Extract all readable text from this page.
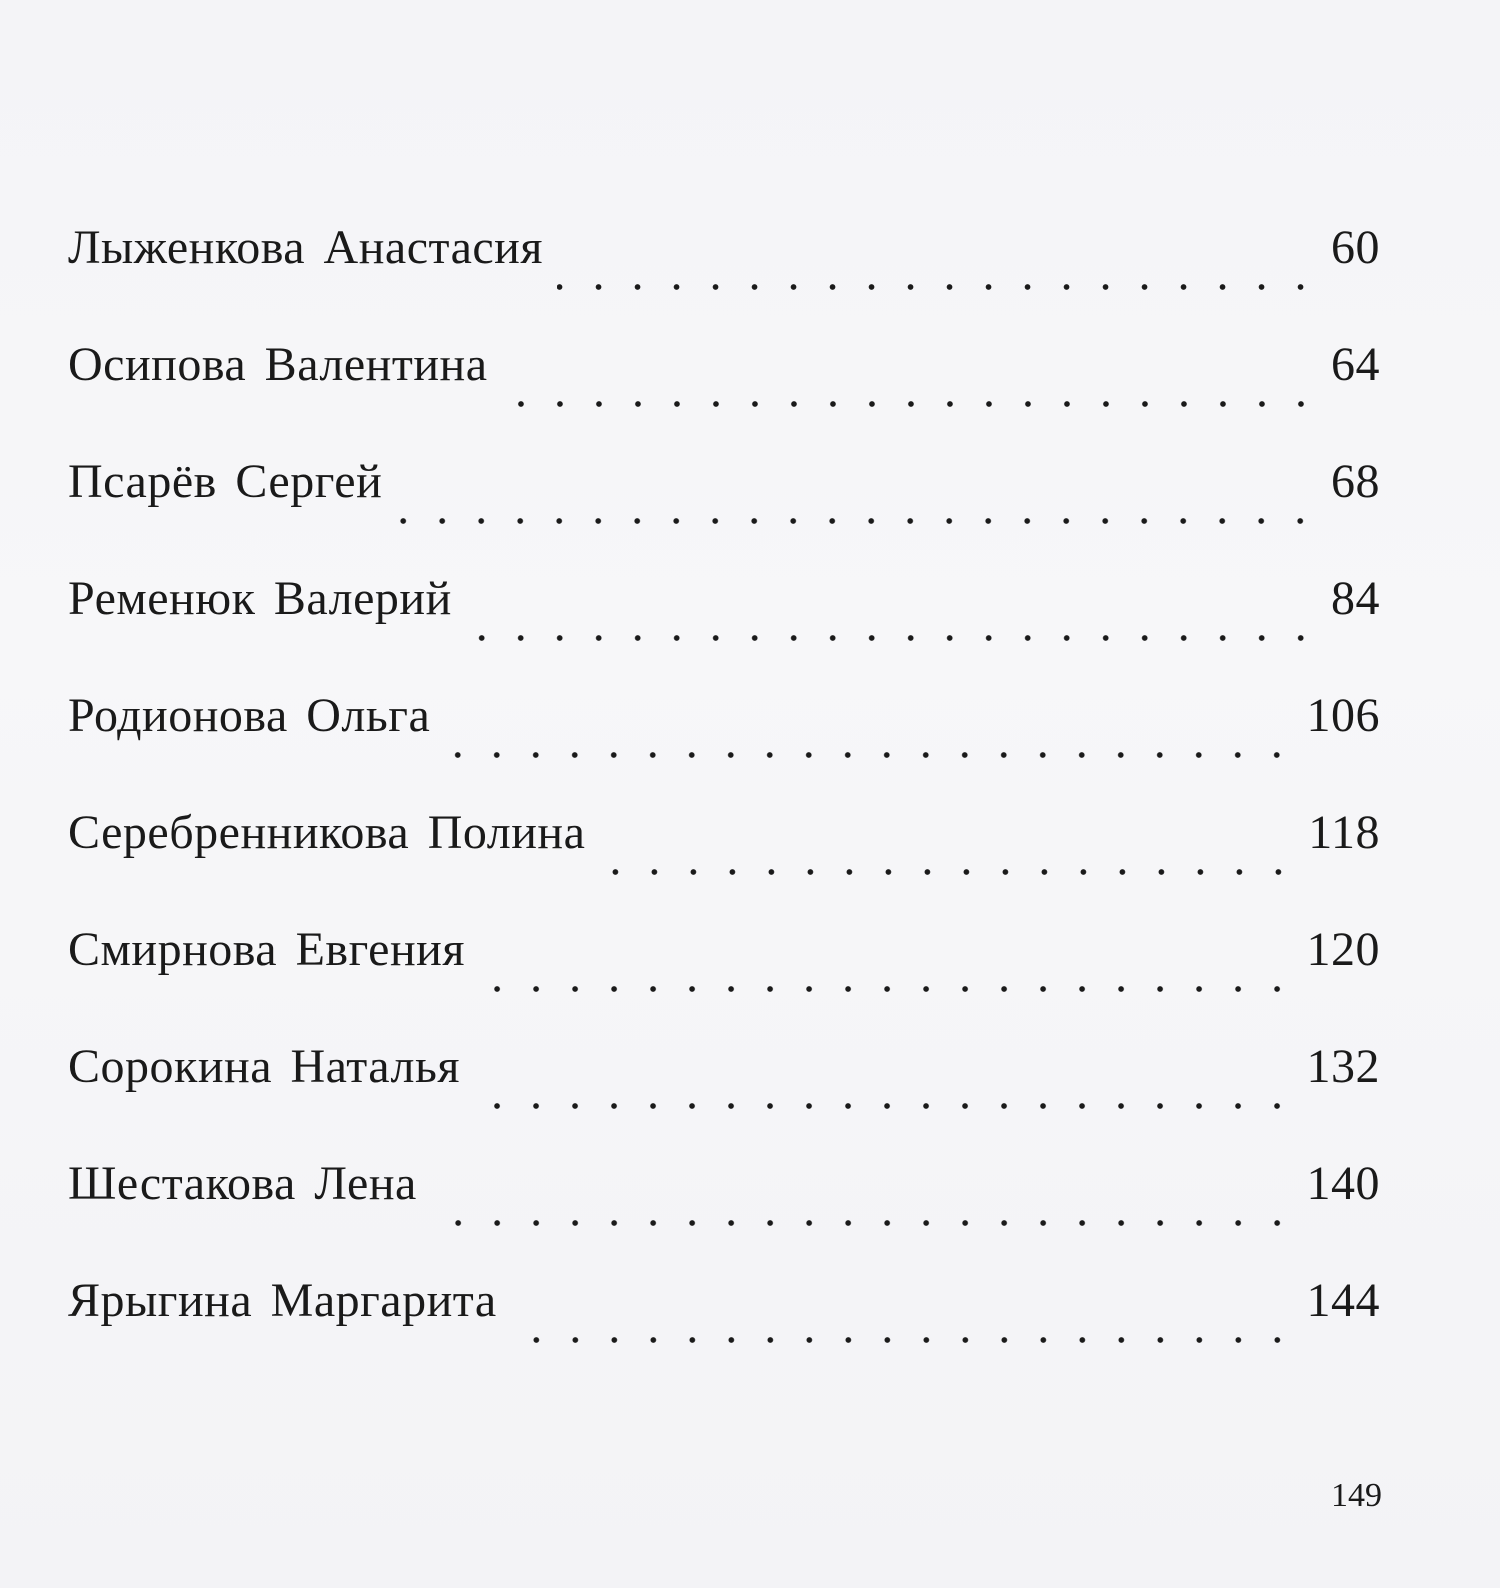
Лыженкова Анастасия	60
Осипова Валентина	64
Псарёв Сергей	68
Ременюк Валерий	84
Родионова Ольга	106
Серебренникова Полина	118
Смирнова Евгения	120
Сорокина Наталья	132
Шестакова Лена	140
Ярыгина Маргарита	144
149
